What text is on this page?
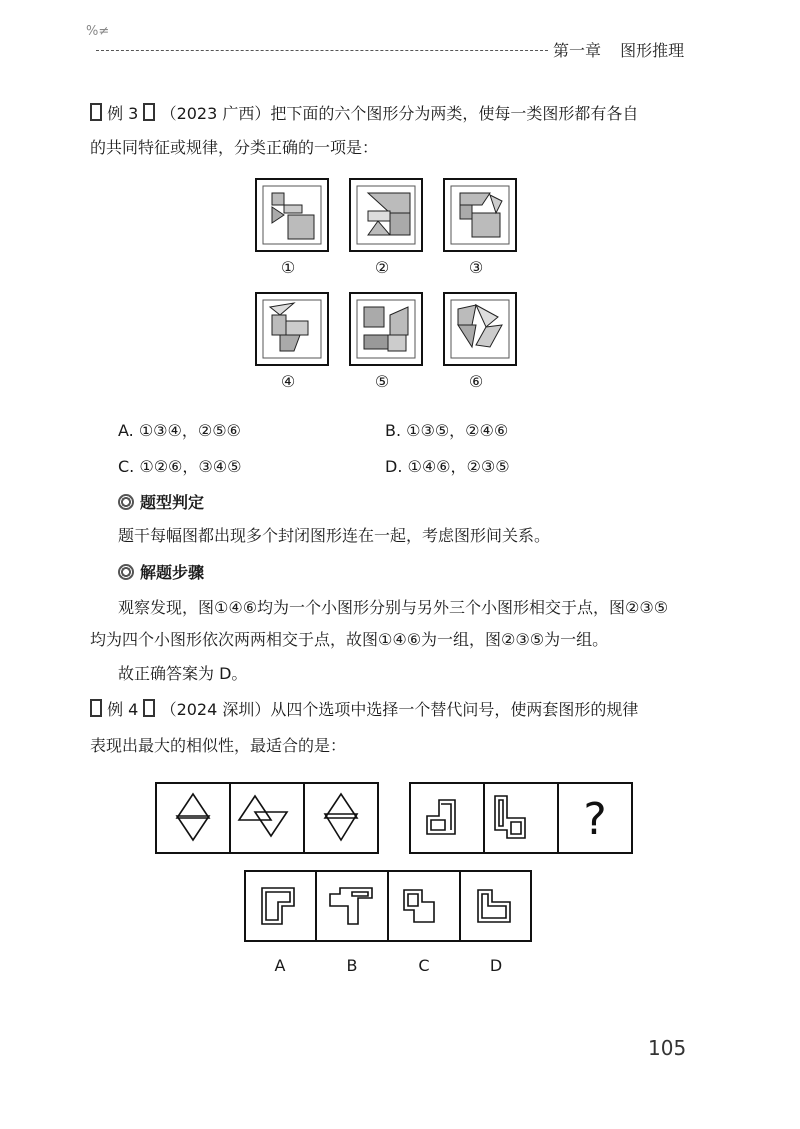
%≠
第一章 图形推理
例 3 （2023 广西）把下面的六个图形分为两类，使每一类图形都有各自
的共同特征或规律，分类正确的一项是：
①	②	③
④	⑤	⑥
A. ①③④，②⑤⑥	B. ①③⑤，②④⑥
C. ①②⑥，③④⑤	D. ①④⑥，②③⑤
题型判定
题干每幅图都出现多个封闭图形连在一起，考虑图形间关系。
解题步骤
观察发现，图①④⑥均为一个小图形分别与另外三个小图形相交于点，图②③⑤
均为四个小图形依次两两相交于点，故图①④⑥为一组，图②③⑤为一组。
故正确答案为 D。
例 4 （2024 深圳）从四个选项中选择一个替代问号，使两套图形的规律
表现出最大的相似性，最适合的是：
?
A	B	C	D
105
